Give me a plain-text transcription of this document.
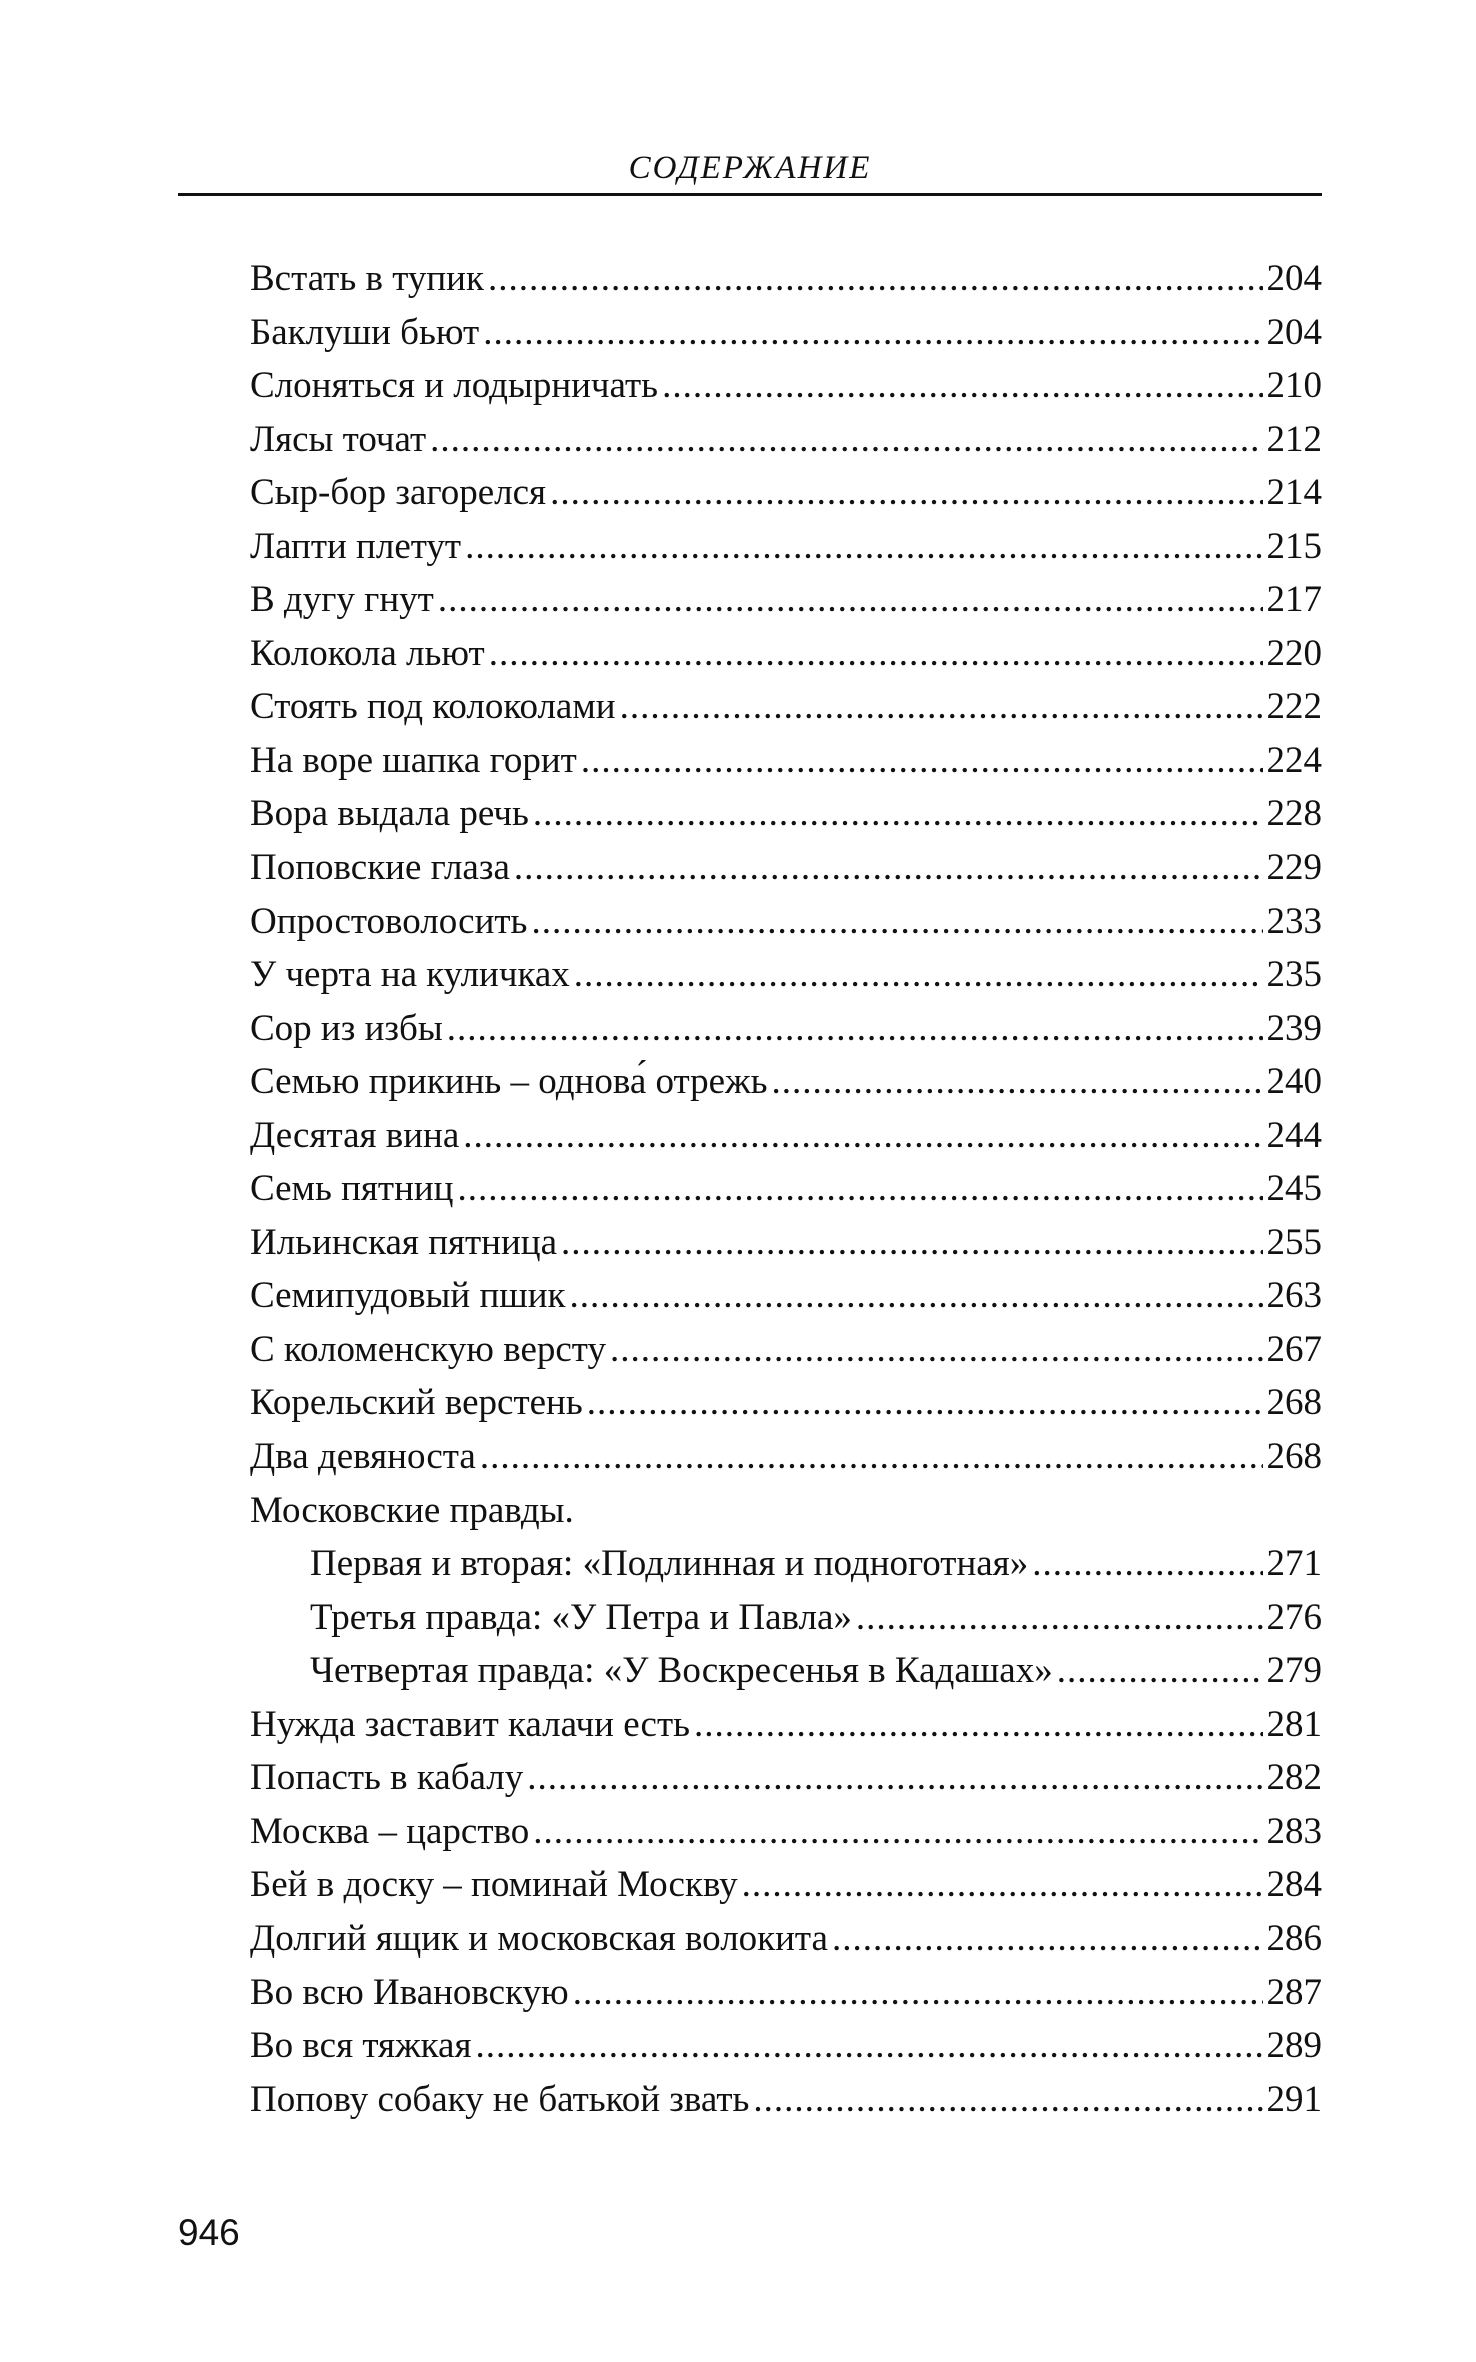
СОДЕРЖАНИЕ
Встать в тупик .....	204
Баклуши бьют .....	204
Слоняться и лодырничать .....	210
Лясы точат .....	212
Сыр-бор загорелся .....	214
Лапти плетут .....	215
В дугу гнут .....	217
Колокола льют .....	220
Стоять под колоколами .....	222
На воре шапка горит .....	224
Вора выдала речь .....	228
Поповские глаза .....	229
Опростоволосить .....	233
У черта на куличках .....	235
Сор из избы .....	239
Семью прикинь – однова́ отрежь .....	240
Десятая вина .....	244
Семь пятниц .....	245
Ильинская пятница .....	255
Семипудовый пшик .....	263
С коломенскую версту .....	267
Корельский верстень .....	268
Два девяноста .....	268
Московские правды.
Первая и вторая: «Подлинная и подноготная» .....	271
Третья правда: «У Петра и Павла» .....	276
Четвертая правда: «У Воскресенья в Кадашах» .....	279
Нужда заставит калачи есть .....	281
Попасть в кабалу .....	282
Москва – царство .....	283
Бей в доску – поминай Москву .....	284
Долгий ящик и московская волокита .....	286
Во всю Ивановскую .....	287
Во вся тяжкая .....	289
Попову собаку не батькой звать .....	291
946
